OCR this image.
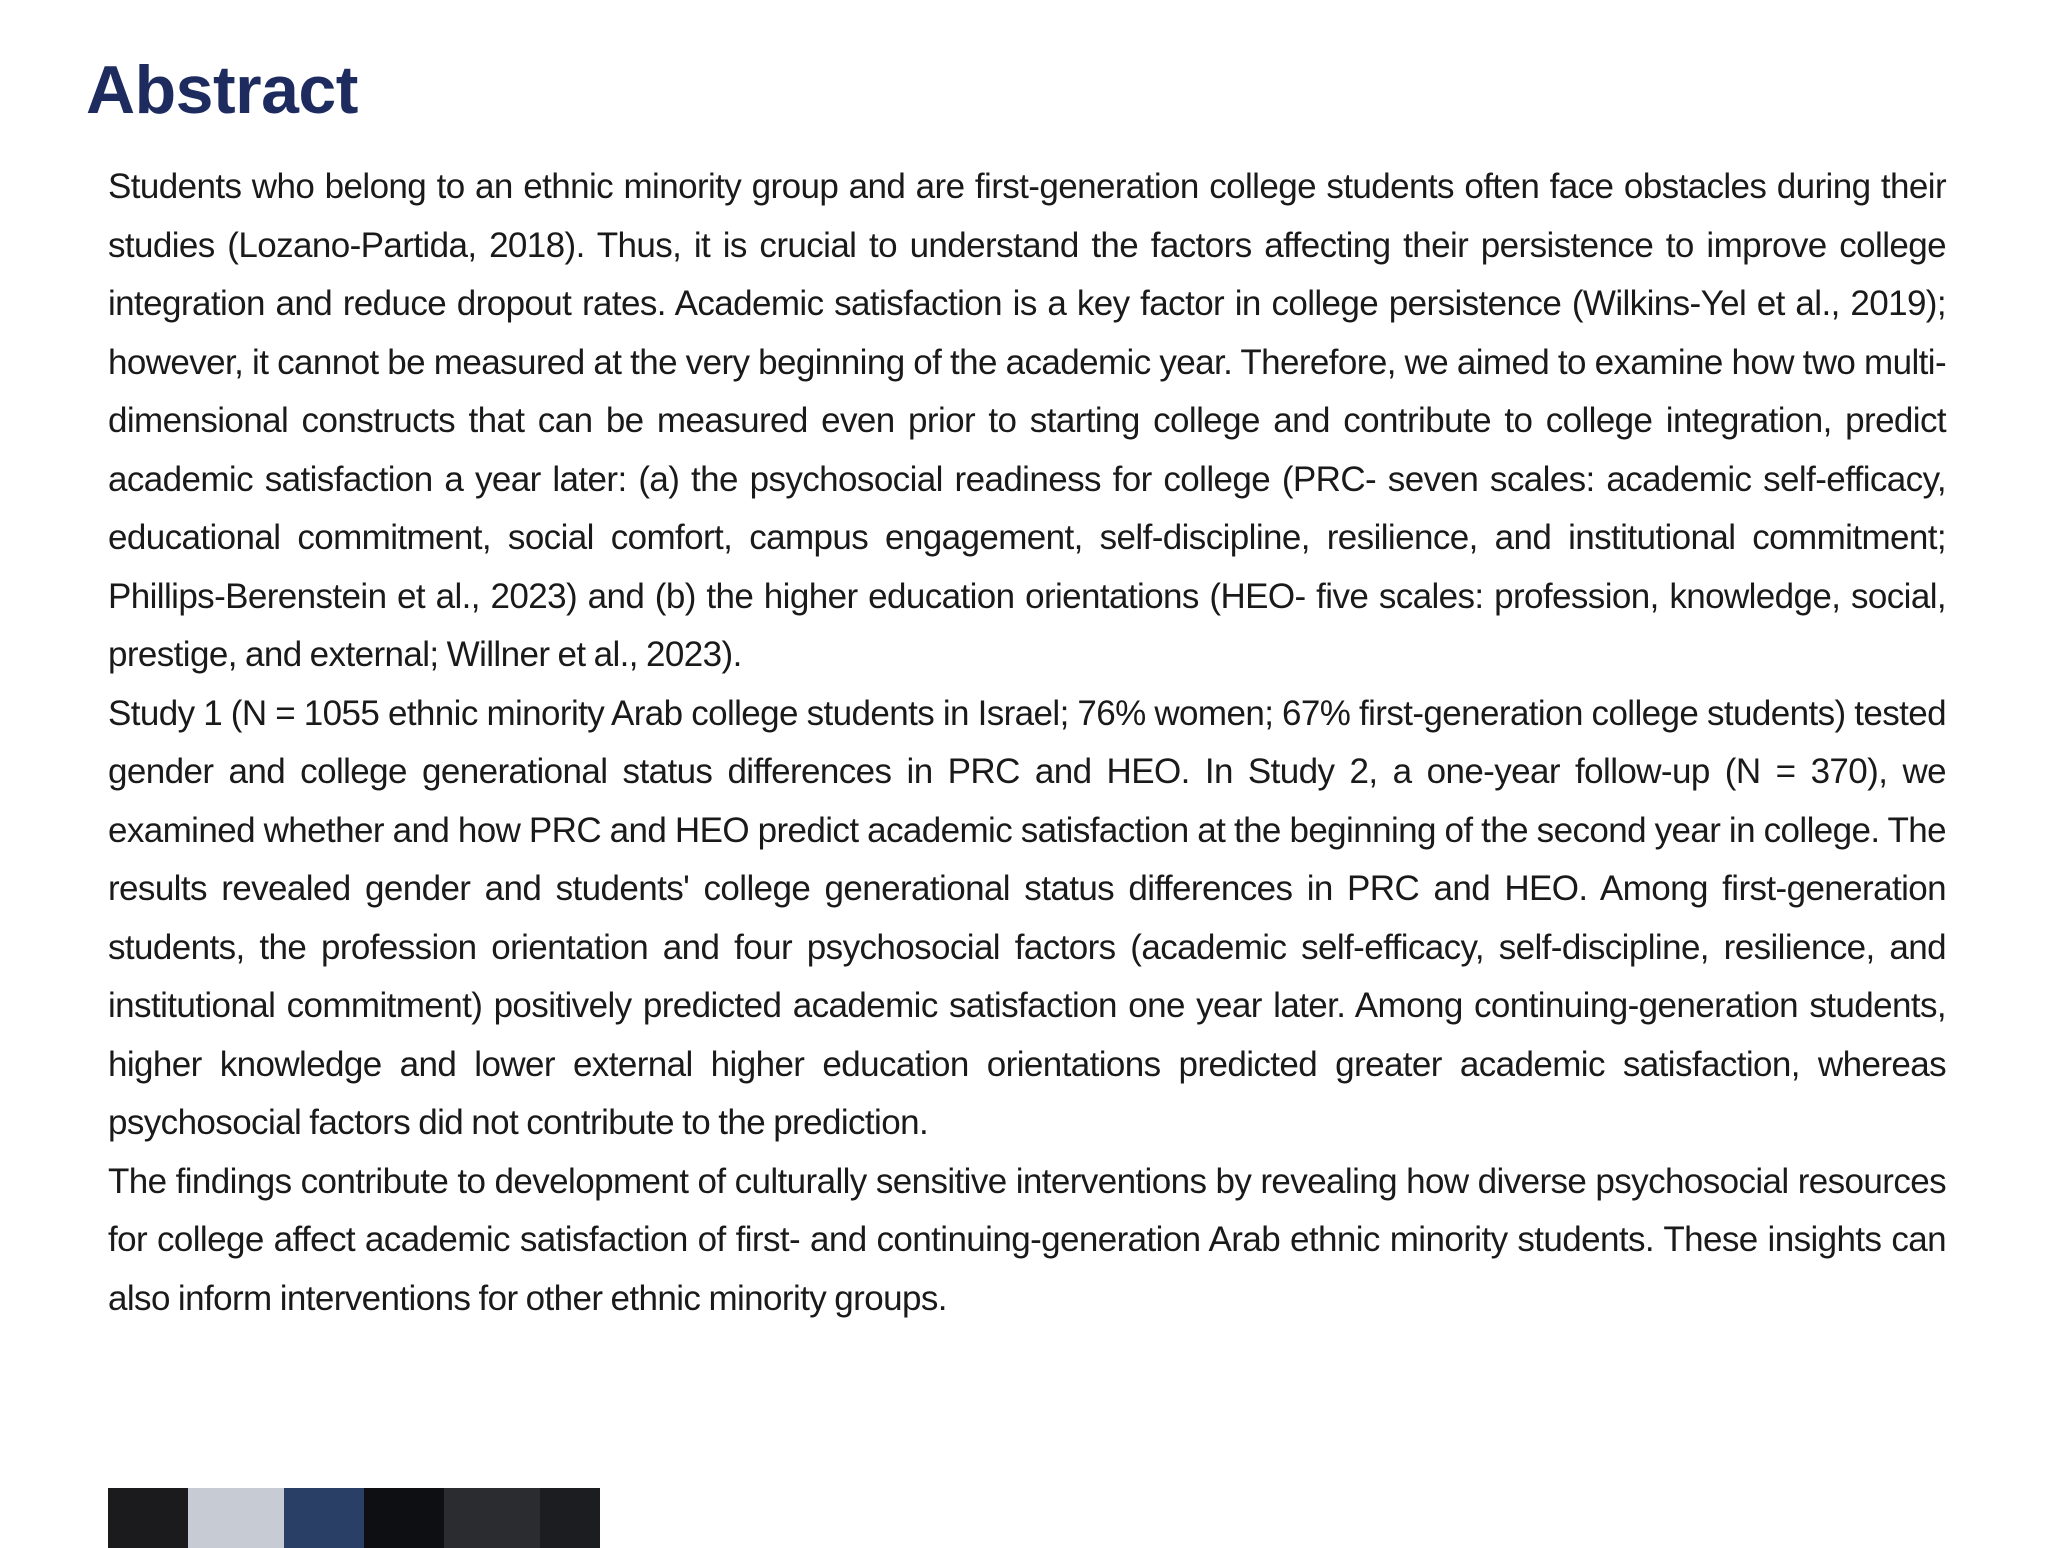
Abstract

Students who belong to an ethnic minority group and are first-generation college students often face obstacles during their studies (Lozano-Partida, 2018). Thus, it is crucial to understand the factors affecting their persistence to improve college integration and reduce dropout rates. Academic satisfaction is a key factor in college persistence (Wilkins-Yel et al., 2019); however, it cannot be measured at the very beginning of the academic year. Therefore, we aimed to examine how two multi-dimensional constructs that can be measured even prior to starting college and contribute to college integration, predict academic satisfaction a year later: (a) the psychosocial readiness for college (PRC- seven scales: academic self-efficacy, educational commitment, social comfort, campus engagement, self-discipline, resilience, and institutional commitment; Phillips-Berenstein et al., 2023) and (b) the higher education orientations (HEO- five scales: profession, knowledge, social, prestige, and external; Willner et al., 2023).

Study 1 (N = 1055 ethnic minority Arab college students in Israel; 76% women; 67% first-generation college students) tested gender and college generational status differences in PRC and HEO. In Study 2, a one-year follow-up (N = 370), we examined whether and how PRC and HEO predict academic satisfaction at the beginning of the second year in college. The results revealed gender and students' college generational status differences in PRC and HEO. Among first-generation students, the profession orientation and four psychosocial factors (academic self-efficacy, self-discipline, resilience, and institutional commitment) positively predicted academic satisfaction one year later. Among continuing-generation students, higher knowledge and lower external higher education orientations predicted greater academic satisfaction, whereas psychosocial factors did not contribute to the prediction.

The findings contribute to development of culturally sensitive interventions by revealing how diverse psychosocial resources for college affect academic satisfaction of first- and continuing-generation Arab ethnic minority students. These insights can also inform interventions for other ethnic minority groups.
